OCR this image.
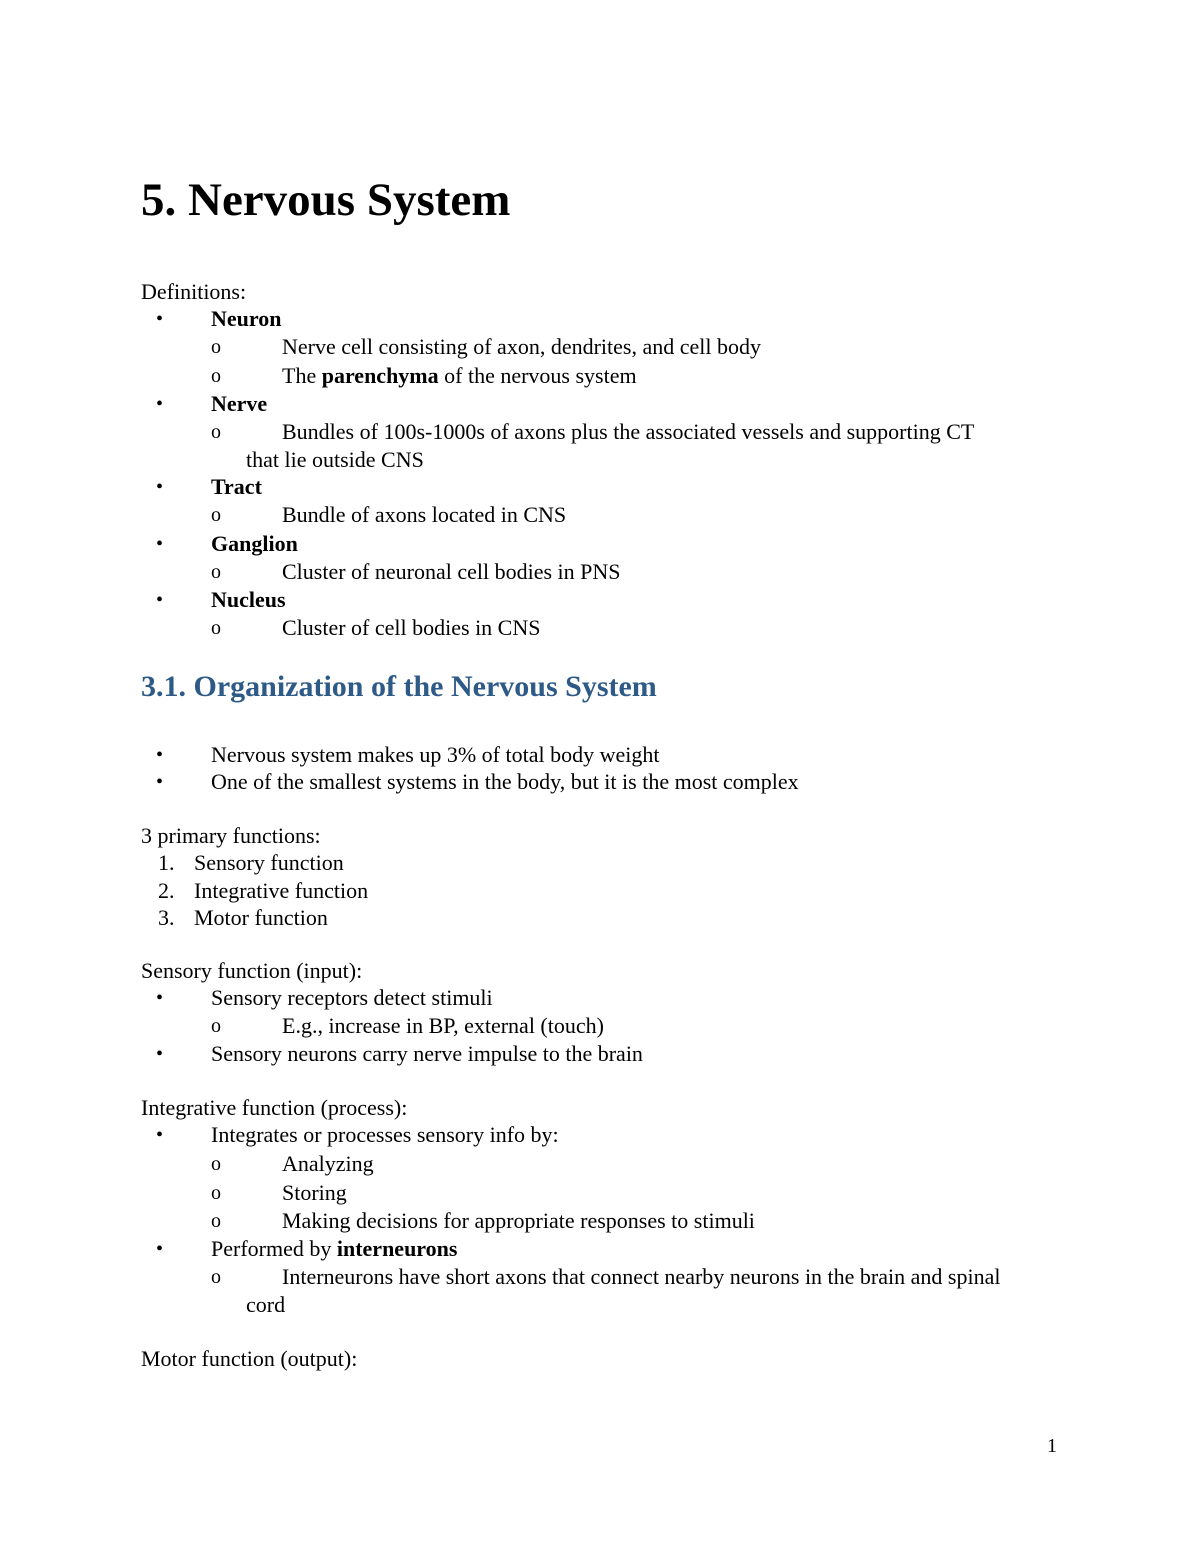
5. Nervous System
Definitions:
•	Neuron
o	Nerve cell consisting of axon, dendrites, and cell body
o	The parenchyma of the nervous system
•	Nerve
o	Bundles of 100s-1000s of axons plus the associated vessels and supporting CT
that lie outside CNS
•	Tract
o	Bundle of axons located in CNS
•	Ganglion
o	Cluster of neuronal cell bodies in PNS
•	Nucleus
o	Cluster of cell bodies in CNS
3.1. Organization of the Nervous System
•	Nervous system makes up 3% of total body weight
•	One of the smallest systems in the body, but it is the most complex
3 primary functions:
1. Sensory function
2. Integrative function
3. Motor function
Sensory function (input):
•	Sensory receptors detect stimuli
o	E.g., increase in BP, external (touch)
•	Sensory neurons carry nerve impulse to the brain
Integrative function (process):
•	Integrates or processes sensory info by:
o	Analyzing
o	Storing
o	Making decisions for appropriate responses to stimuli
•	Performed by interneurons
o	Interneurons have short axons that connect nearby neurons in the brain and spinal
cord
Motor function (output):
1
